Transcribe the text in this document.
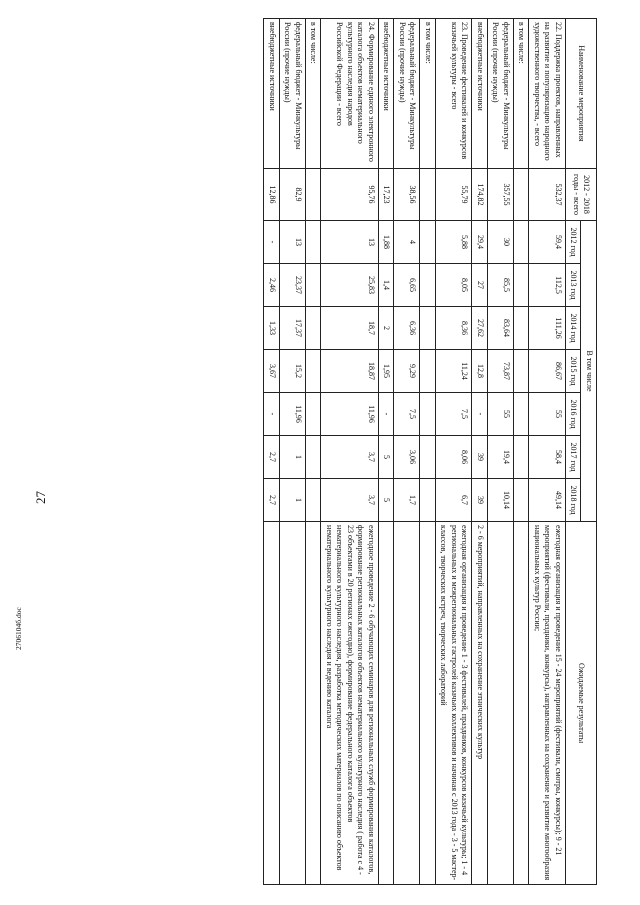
27
2706104б.doc
Наименование мероприятия	2012 - 2018 годы - всего	В том числе							Ожидаемые результаты
		2012 год	2013 год	2014 год	2015 год	2016 год	2017 год	2018 год	
22. Поддержка проектов, направленных на развитие и популяризацию народного художественного творчества, - всего	532,37	59,4	112,5	111,26	86,67	55	58,4	49,14	ежегодная организация и проведение 15 - 24 мероприятий (фестивали, смотры, конкурсы); 9 - 21 мероприятий (фестивали, праздники, конкурсы), направленных на сохранение и развитие многообразия национальных культур России;
в том числе:									
федеральный бюджет - Минкультуры России (прочие нужды)	357,55	30	85,5	83,64	73,87	55	19,4	10,14	
внебюджетные источники	174,82	29,4	27	27,62	12,8	-	39	39	2 - 6 мероприятий, направленных на сохранение этнических культур
23. Проведение фестивалей и конкурсов казачьей культуры - всего	55,79	5,88	8,05	8,36	11,24	7,5	8,06	6,7	ежегодная организация и проведение 1 - 3 фестивалей, праздников, конкурсов казачьей культуры; 1 - 4 региональных и межрегиональных гастролей казачьих коллективов и начиная с 2013 года - 3 - 5 мастер-классов, творческих встреч, творческих лабораторий
в том числе:									
федеральный бюджет - Минкультуры России (прочие нужды)	38,56	4	6,65	6,36	9,29	7,5	3,06	1,7	
внебюджетные источники	17,23	1,88	1,4	2	1,95	-	5	5	
24. Формирование единого электронного каталога объектов нематериального культурного наследия народов Российской Федерации - всего	95,76	13	25,83	18,7	18,87	11,96	3,7	3,7	ежегодное проведение 2 - 6 обучающих семинаров для региональных служб формирования каталогов, формирование региональных каталогов объектов нематериального культурного наследия ( работа с 4 - 23 объектами в 20 регионах ежегодно), формирование федерального каталога объектов нематериального культурного наследия, разработка методических материалов по описанию объектов нематериального культурного наследия и ведению каталога
в том числе:									
федеральный бюджет - Минкультуры России (прочие нужды)	82,9	13	23,37	17,37	15,2	11,96	1	1	
внебюджетные источники	12,86	-	2,46	1,33	3,67	-	2,7	2,7	
